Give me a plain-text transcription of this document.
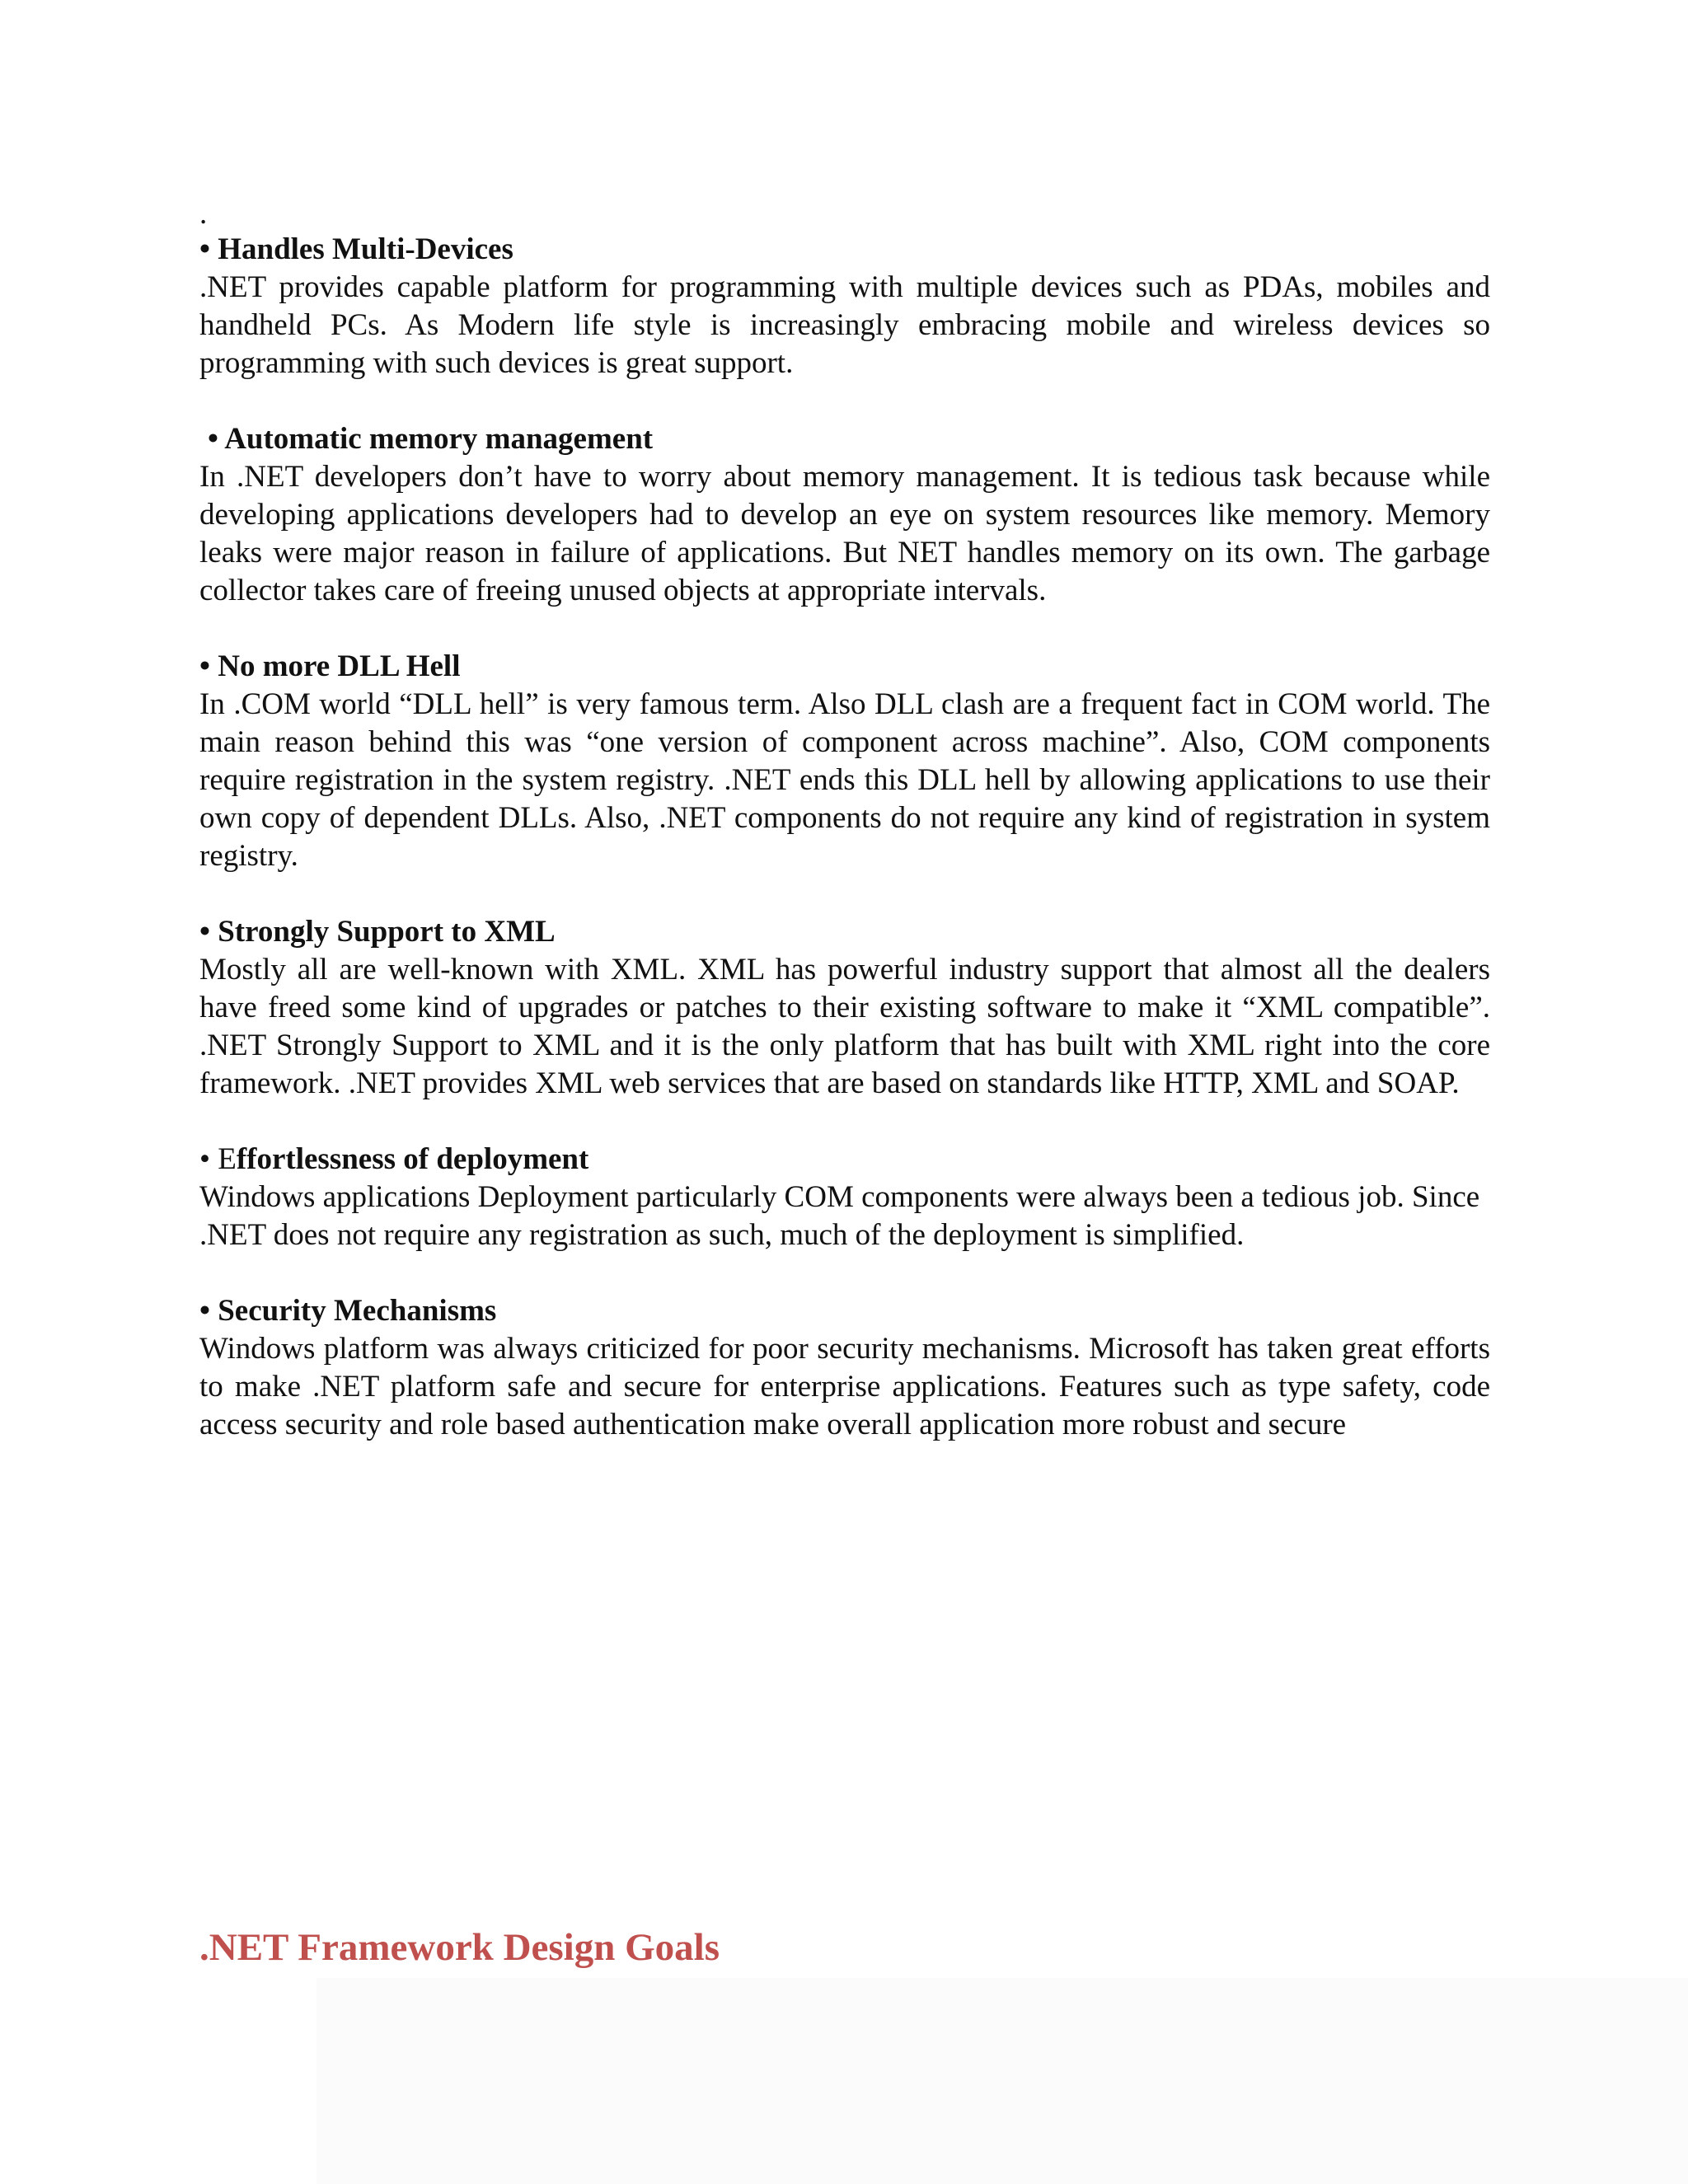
.
• Handles Multi-Devices

.NET provides capable platform for programming with multiple devices such as PDAs, mobiles and handheld PCs. As Modern life style is increasingly embracing mobile and wireless devices so programming with such devices is great support.

• Automatic memory management

In .NET developers don’t have to worry about memory management. It is tedious task because while developing applications developers had to develop an eye on system resources like memory. Memory leaks were major reason in failure of applications. But NET handles memory on its own. The garbage collector takes care of freeing unused objects at appropriate intervals.

• No more DLL Hell

In .COM world “DLL hell” is very famous term. Also DLL clash are a frequent fact in COM world. The main reason behind this was “one version of component across machine”. Also, COM components require registration in the system registry. .NET ends this DLL hell by allowing applications to use their own copy of dependent DLLs. Also, .NET components do not require any kind of registration in system registry.

• Strongly Support to XML

Mostly all are well-known with XML. XML has powerful industry support that almost all the dealers have freed some kind of upgrades or patches to their existing software to make it “XML compatible”. .NET Strongly Support to XML and it is the only platform that has built with XML right into the core framework. .NET provides XML web services that are based on standards like HTTP, XML and SOAP.

• Effortlessness of deployment

Windows applications Deployment particularly COM components were always been a tedious job. Since .NET does not require any registration as such, much of the deployment is simplified.

• Security Mechanisms

Windows platform was always criticized for poor security mechanisms. Microsoft has taken great efforts to make .NET platform safe and secure for enterprise applications. Features such as type safety, code access security and role based authentication make overall application more robust and secure

.NET Framework Design Goals
